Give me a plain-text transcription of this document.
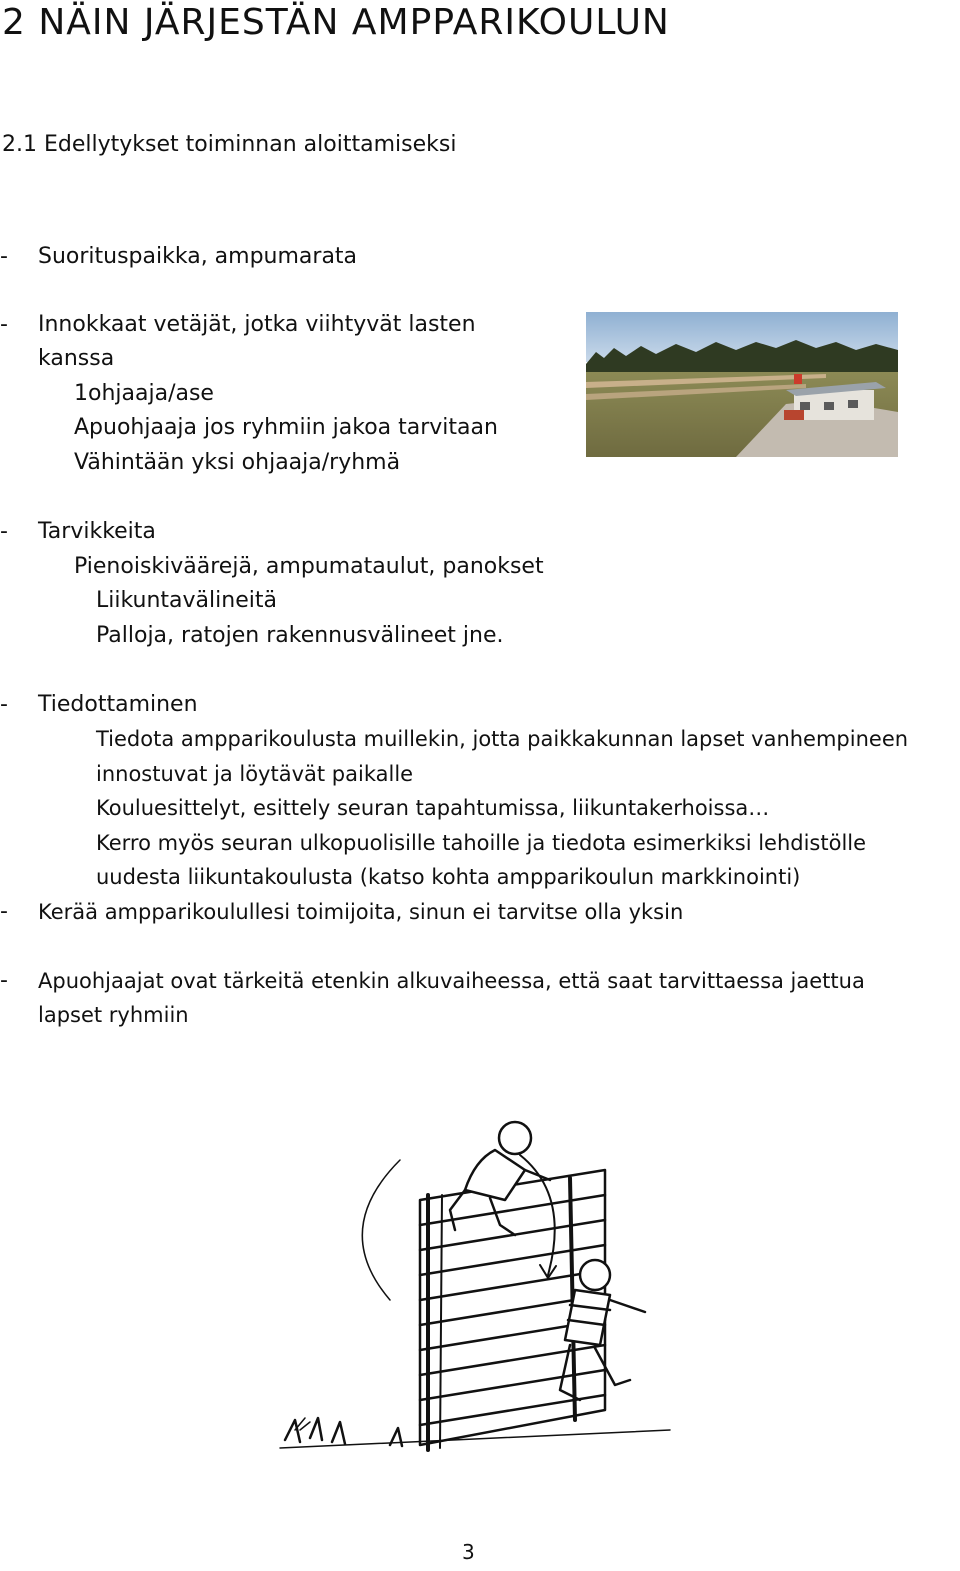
2 NÄIN JÄRJESTÄN AMPPARIKOULUN
2.1 Edellytykset toiminnan aloittamiseksi
- Suorituspaikka, ampumarata
- Innokkaat vetäjät, jotka viihtyvät lasten
kanssa
1ohjaaja/ase
Apuohjaaja jos ryhmiin jakoa tarvitaan
Vähintään yksi ohjaaja/ryhmä
- Tarvikkeita
Pienoiskiväärejä, ampumataulut, panokset
Liikuntavälineitä
Palloja, ratojen rakennusvälineet jne.
- Tiedottaminen
Tiedota ampparikoulusta muillekin, jotta paikkakunnan lapset vanhempineen
innostuvat ja löytävät paikalle
Kouluesittelyt, esittely seuran tapahtumissa, liikuntakerhoissa…
Kerro myös seuran ulkopuolisille tahoille ja tiedota esimerkiksi lehdistölle
uudesta liikuntakoulusta (katso kohta ampparikoulun markkinointi)
- Kerää ampparikoulullesi toimijoita, sinun ei tarvitse olla yksin
- Apuohjaajat ovat tärkeitä etenkin alkuvaiheessa, että saat tarvittaessa jaettua
lapset ryhmiin
3
